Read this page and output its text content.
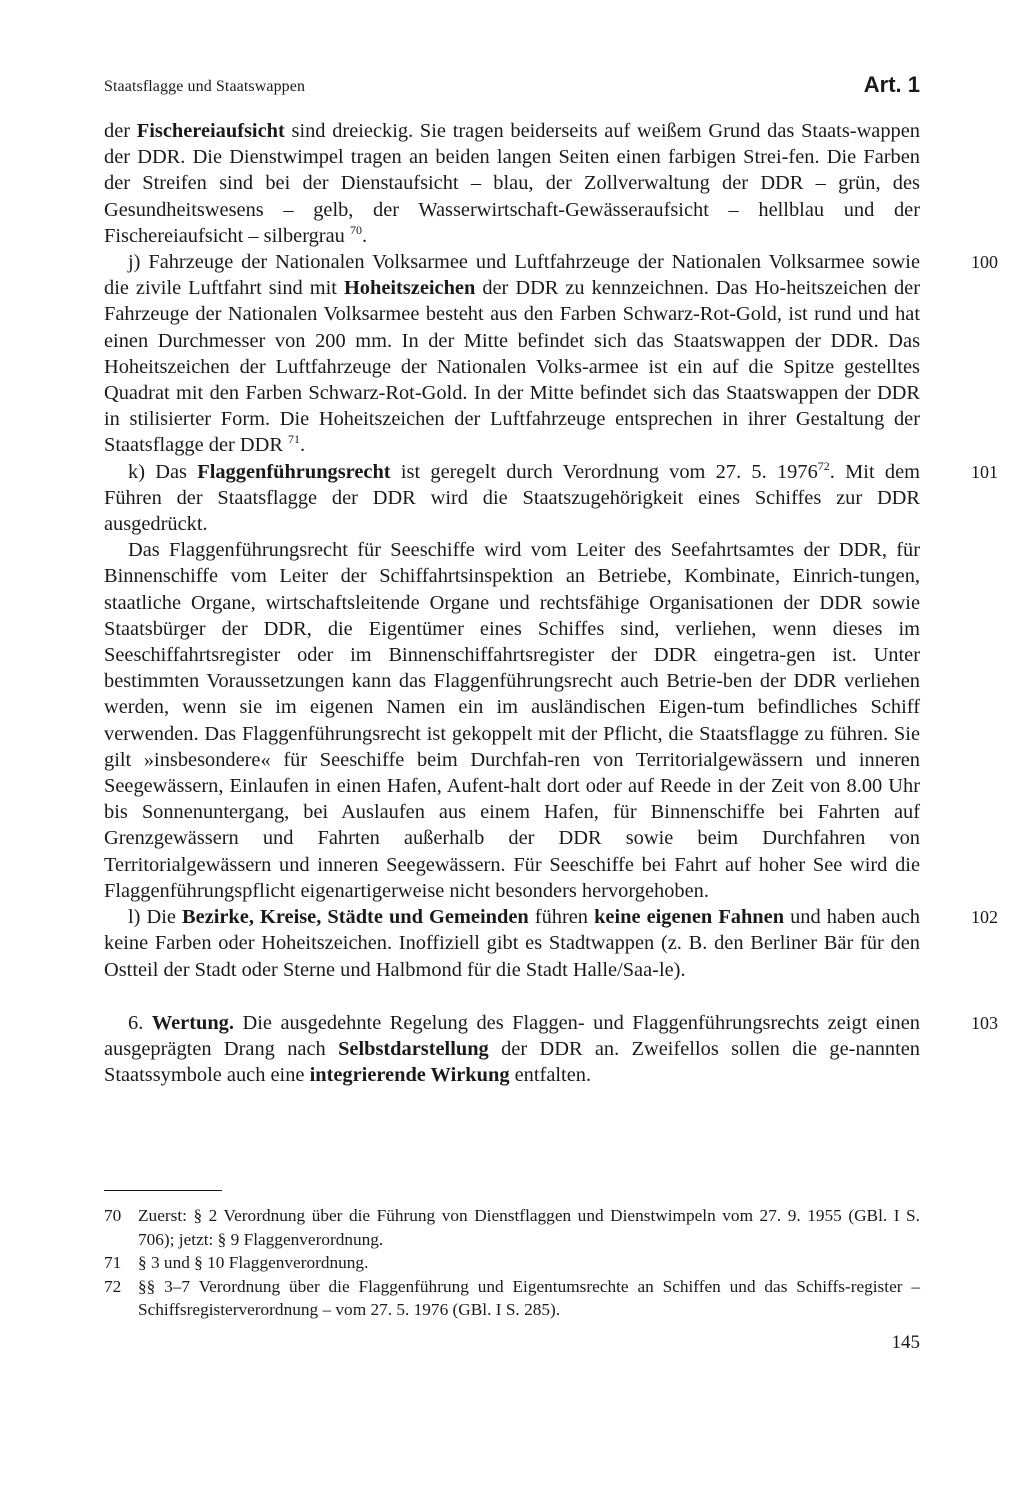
Staatsflagge und Staatswappen	Art. 1

der Fischereiaufsicht sind dreieckig. Sie tragen beiderseits auf weißem Grund das Staats-wappen der DDR. Die Dienstwimpel tragen an beiden langen Seiten einen farbigen Strei-fen. Die Farben der Streifen sind bei der Dienstaufsicht – blau, der Zollverwaltung der DDR – grün, des Gesundheitswesens – gelb, der Wasserwirtschaft-Gewässeraufsicht – hellblau und der Fischereiaufsicht – silbergrau $^{70}$.

j) Fahrzeuge der Nationalen Volksarmee und Luftfahrzeuge der Nationalen Volksarmee sowie die zivile Luftfahrt sind mit Hoheitszeichen der DDR zu kennzeichnen. Das Ho-heitszeichen der Fahrzeuge der Nationalen Volksarmee besteht aus den Farben Schwarz-Rot-Gold, ist rund und hat einen Durchmesser von 200 mm. In der Mitte befindet sich das Staatswappen der DDR. Das Hoheitszeichen der Luftfahrzeuge der Nationalen Volks-armee ist ein auf die Spitze gestelltes Quadrat mit den Farben Schwarz-Rot-Gold. In der Mitte befindet sich das Staatswappen der DDR in stilisierter Form. Die Hoheitszeichen der Luftfahrzeuge entsprechen in ihrer Gestaltung der Staatsflagge der DDR $^{71}$.
100

k) Das Flaggenführungsrecht ist geregelt durch Verordnung vom 27. 5. 1976$^{72}$. Mit dem Führen der Staatsflagge der DDR wird die Staatszugehörigkeit eines Schiffes zur DDR ausgedrückt.
101

Das Flaggenführungsrecht für Seeschiffe wird vom Leiter des Seefahrtsamtes der DDR, für Binnenschiffe vom Leiter der Schiffahrtsinspektion an Betriebe, Kombinate, Einrich-tungen, staatliche Organe, wirtschaftsleitende Organe und rechtsfähige Organisationen der DDR sowie Staatsbürger der DDR, die Eigentümer eines Schiffes sind, verliehen, wenn dieses im Seeschiffahrtsregister oder im Binnenschiffahrtsregister der DDR eingetra-gen ist. Unter bestimmten Voraussetzungen kann das Flaggenführungsrecht auch Betrie-ben der DDR verliehen werden, wenn sie im eigenen Namen ein im ausländischen Eigen-tum befindliches Schiff verwenden. Das Flaggenführungsrecht ist gekoppelt mit der Pflicht, die Staatsflagge zu führen. Sie gilt »insbesondere« für Seeschiffe beim Durchfah-ren von Territorialgewässern und inneren Seegewässern, Einlaufen in einen Hafen, Aufent-halt dort oder auf Reede in der Zeit von 8.00 Uhr bis Sonnenuntergang, bei Auslaufen aus einem Hafen, für Binnenschiffe bei Fahrten auf Grenzgewässern und Fahrten außerhalb der DDR sowie beim Durchfahren von Territorialgewässern und inneren Seegewässern. Für Seeschiffe bei Fahrt auf hoher See wird die Flaggenführungspflicht eigenartigerweise nicht besonders hervorgehoben.

l) Die Bezirke, Kreise, Städte und Gemeinden führen keine eigenen Fahnen und haben auch keine Farben oder Hoheitszeichen. Inoffiziell gibt es Stadtwappen (z. B. den Berliner Bär für den Ostteil der Stadt oder Sterne und Halbmond für die Stadt Halle/Saa-le).
102

6. Wertung. Die ausgedehnte Regelung des Flaggen- und Flaggenführungsrechts zeigt einen ausgeprägten Drang nach Selbstdarstellung der DDR an. Zweifellos sollen die ge-nannten Staatssymbole auch eine integrierende Wirkung entfalten.
103

70 Zuerst: § 2 Verordnung über die Führung von Dienstflaggen und Dienstwimpeln vom 27. 9. 1955 (GBl. I S. 706); jetzt: § 9 Flaggenverordnung.

71 § 3 und § 10 Flaggenverordnung.

72 §§ 3–7 Verordnung über die Flaggenführung und Eigentumsrechte an Schiffen und das Schiffs-register – Schiffsregisterverordnung – vom 27. 5. 1976 (GBl. I S. 285).

145
